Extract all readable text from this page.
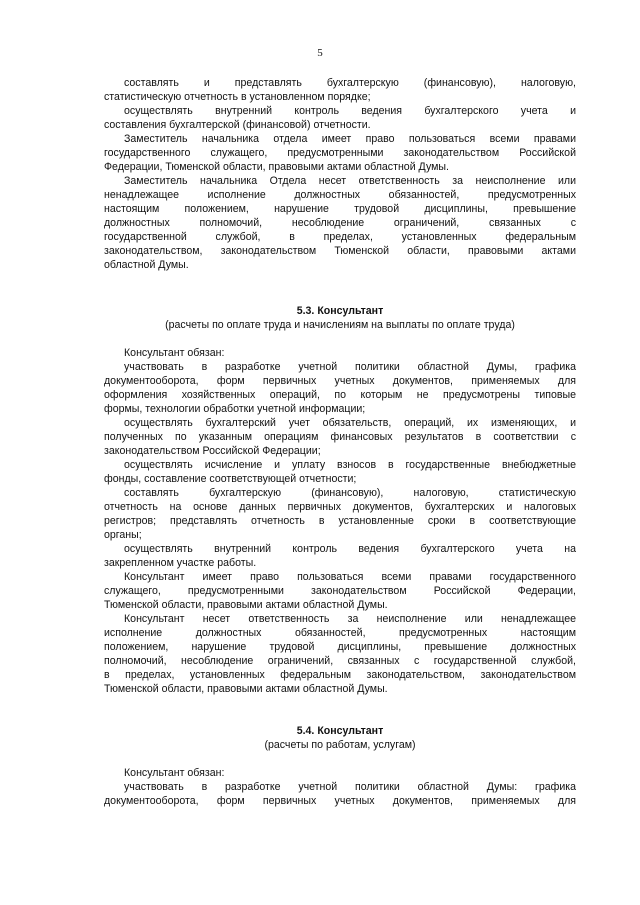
5
составлять и представлять бухгалтерскую (финансовую), налоговую,
статистическую отчетность в установленном порядке;
осуществлять внутренний контроль ведения бухгалтерского учета и
составления бухгалтерской (финансовой) отчетности.
Заместитель начальника отдела имеет право пользоваться всеми правами
государственного служащего, предусмотренными законодательством Российской
Федерации, Тюменской области, правовыми актами областной Думы.
Заместитель начальника Отдела несет ответственность за неисполнение или
ненадлежащее исполнение должностных обязанностей, предусмотренных
настоящим положением, нарушение трудовой дисциплины, превышение
должностных полномочий, несоблюдение ограничений, связанных с
государственной службой, в пределах, установленных федеральным
законодательством, законодательством Тюменской области, правовыми актами
областной Думы.
5.3. Консультант
(расчеты по оплате труда и начислениям на выплаты по оплате труда)
Консультант обязан:
участвовать в разработке учетной политики областной Думы, графика
документооборота, форм первичных учетных документов, применяемых для
оформления хозяйственных операций, по которым не предусмотрены типовые
формы, технологии обработки учетной информации;
осуществлять бухгалтерский учет обязательств, операций, их изменяющих, и
полученных по указанным операциям финансовых результатов в соответствии с
законодательством Российской Федерации;
осуществлять исчисление и уплату взносов в государственные внебюджетные
фонды, составление соответствующей отчетности;
составлять бухгалтерскую (финансовую), налоговую, статистическую
отчетность на основе данных первичных документов, бухгалтерских и налоговых
регистров; представлять отчетность в установленные сроки в соответствующие
органы;
осуществлять внутренний контроль ведения бухгалтерского учета на
закрепленном участке работы.
Консультант имеет право пользоваться всеми правами государственного
служащего, предусмотренными законодательством Российской Федерации,
Тюменской области, правовыми актами областной Думы.
Консультант несет ответственность за неисполнение или ненадлежащее
исполнение должностных обязанностей, предусмотренных настоящим
положением, нарушение трудовой дисциплины, превышение должностных
полномочий, несоблюдение ограничений, связанных с государственной службой,
в пределах, установленных федеральным законодательством, законодательством
Тюменской области, правовыми актами областной Думы.
5.4. Консультант
(расчеты по работам, услугам)
Консультант обязан:
участвовать в разработке учетной политики областной Думы: графика
документооборота, форм первичных учетных документов, применяемых для
